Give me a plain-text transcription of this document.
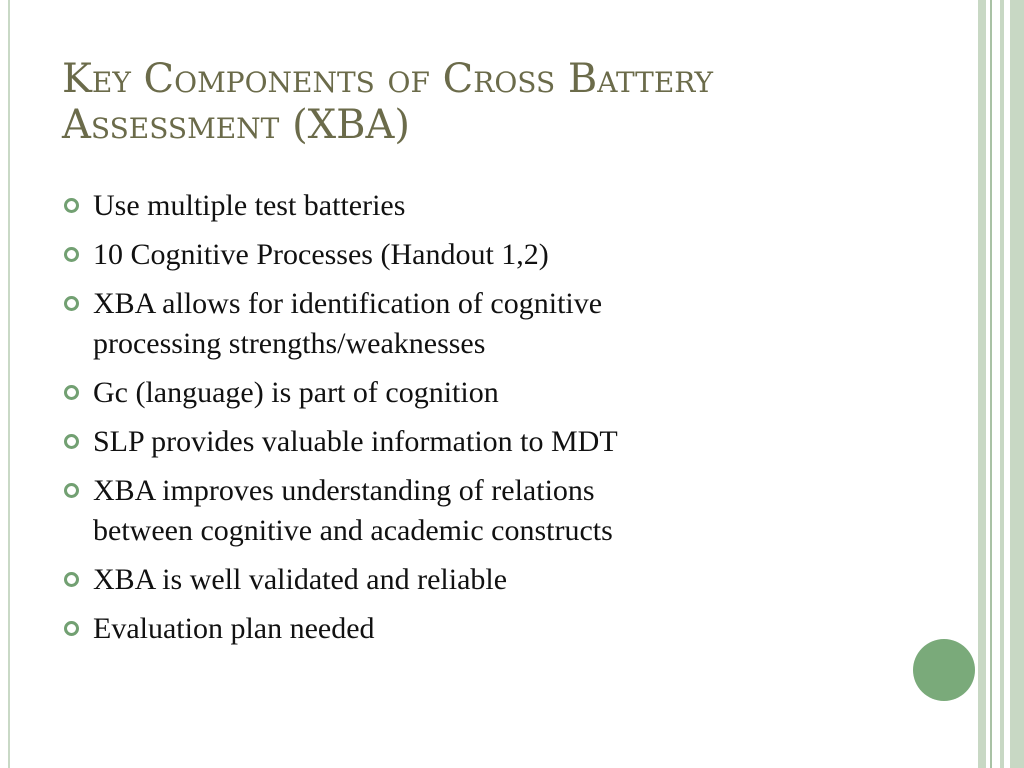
Key Components of Cross Battery
Assessment (XBA)
Use multiple test batteries
10 Cognitive Processes (Handout 1,2)
XBA allows for identification of cognitive
processing strengths/weaknesses
Gc (language) is part of cognition
SLP provides valuable information to MDT
XBA improves understanding of relations
between cognitive and academic constructs
XBA is well validated and reliable
Evaluation plan needed
